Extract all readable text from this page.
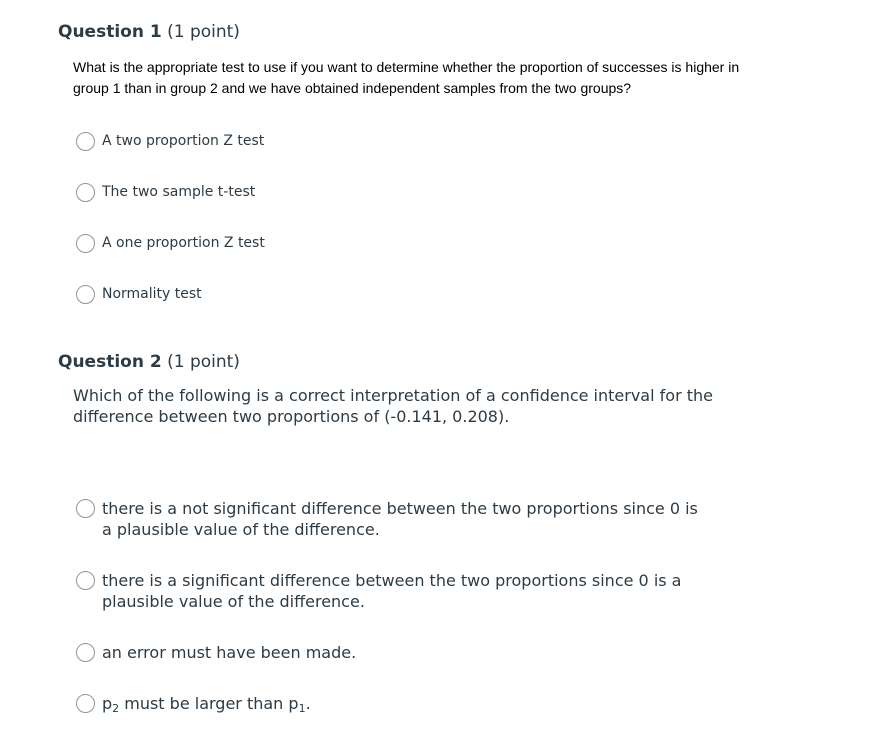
Question 1 (1 point)
What is the appropriate test to use if you want to determine whether the proportion of successes is higher in group 1 than in group 2 and we have obtained independent samples from the two groups?
A two proportion Z test
The two sample t-test
A one proportion Z test
Normality test
Question 2 (1 point)
Which of the following is a correct interpretation of a confidence interval for the difference between two proportions of (-0.141, 0.208).
there is a not significant difference between the two proportions since 0 is a plausible value of the difference.
there is a significant difference between the two proportions since 0 is a plausible value of the difference.
an error must have been made.
$p_2$ must be larger than $p_1$.
